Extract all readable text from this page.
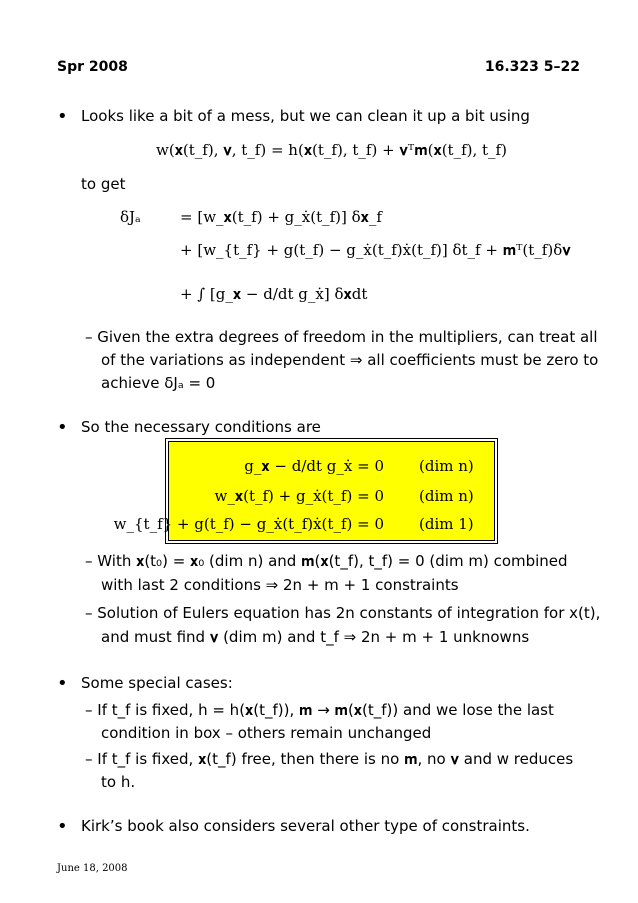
Spr 2008	16.323 5–22
• Looks like a bit of a mess, but we can clean it up a bit using
w(𝐱(t_f), 𝛎, t_f) = h(𝐱(t_f), t_f) + 𝛎ᵀ𝐦(𝐱(t_f), t_f)
to get
δJₐ	= [w_𝐱(t_f) + g_ẋ(t_f)] δ𝐱_f
+ [w_{t_f} + g(t_f) − g_ẋ(t_f)ẋ(t_f)] δt_f + 𝐦ᵀ(t_f)δ𝛎
+ ∫ [g_𝐱 − d/dt g_ẋ] δ𝐱dt
– Given the extra degrees of freedom in the multipliers, can treat all
of the variations as independent ⇒ all coefficients must be zero to
achieve δJₐ = 0
• So the necessary conditions are
g_𝐱 − d/dt g_ẋ = 0 (dim n)
w_𝐱(t_f) + g_ẋ(t_f) = 0 (dim n)
w_{t_f} + g(t_f) − g_ẋ(t_f)ẋ(t_f) = 0 (dim 1)
– With 𝐱(t₀) = 𝐱₀ (dim n) and 𝐦(𝐱(t_f), t_f) = 0 (dim m) combined
with last 2 conditions ⇒ 2n + m + 1 constraints
– Solution of Eulers equation has 2n constants of integration for x(t),
and must find 𝛎 (dim m) and t_f ⇒ 2n + m + 1 unknowns
• Some special cases:
– If t_f is fixed, h = h(𝐱(t_f)), 𝐦 → 𝐦(𝐱(t_f)) and we lose the last
condition in box – others remain unchanged
– If t_f is fixed, 𝐱(t_f) free, then there is no 𝐦, no 𝛎 and w reduces
to h.
• Kirk’s book also considers several other type of constraints.
June 18, 2008
